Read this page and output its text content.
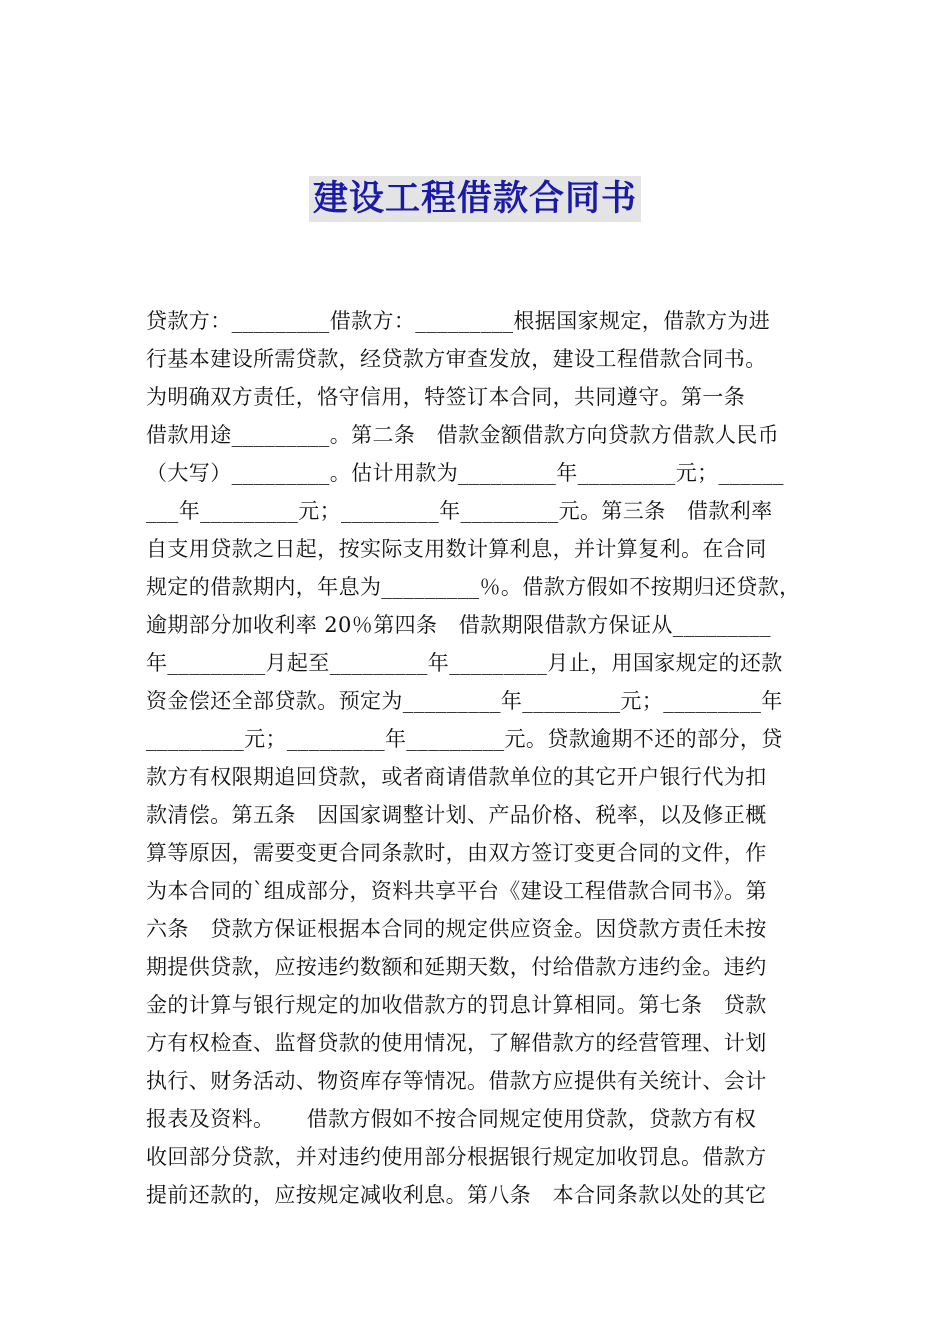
建设工程借款合同书
贷款方：_________借款方：_________根据国家规定，借款方为进
行基本建设所需贷款，经贷款方审查发放，建设工程借款合同书。
为明确双方责任，恪守信用，特签订本合同，共同遵守。第一条
借款用途_________。第二条　借款金额借款方向贷款方借款人民币
（大写）_________。估计用款为_________年_________元；______
___年_________元；_________年_________元。第三条　借款利率
自支用贷款之日起，按实际支用数计算利息，并计算复利。在合同
规定的借款期内，年息为_________％。借款方假如不按期归还贷款，
逾期部分加收利率 20％第四条　借款期限借款方保证从_________
年_________月起至_________年_________月止，用国家规定的还款
资金偿还全部贷款。预定为_________年_________元；_________年
_________元；_________年_________元。贷款逾期不还的部分，贷
款方有权限期追回贷款，或者商请借款单位的其它开户银行代为扣
款清偿。第五条　因国家调整计划、产品价格、税率，以及修正概
算等原因，需要变更合同条款时，由双方签订变更合同的文件，作
为本合同的`组成部分，资料共享平台《建设工程借款合同书》。第
六条　贷款方保证根据本合同的规定供应资金。因贷款方责任未按
期提供贷款，应按违约数额和延期天数，付给借款方违约金。违约
金的计算与银行规定的加收借款方的罚息计算相同。第七条　贷款
方有权检查、监督贷款的使用情况，了解借款方的经营管理、计划
执行、财务活动、物资库存等情况。借款方应提供有关统计、会计
报表及资料。　　借款方假如不按合同规定使用贷款，贷款方有权
收回部分贷款，并对违约使用部分根据银行规定加收罚息。借款方
提前还款的，应按规定减收利息。第八条　本合同条款以处的其它
